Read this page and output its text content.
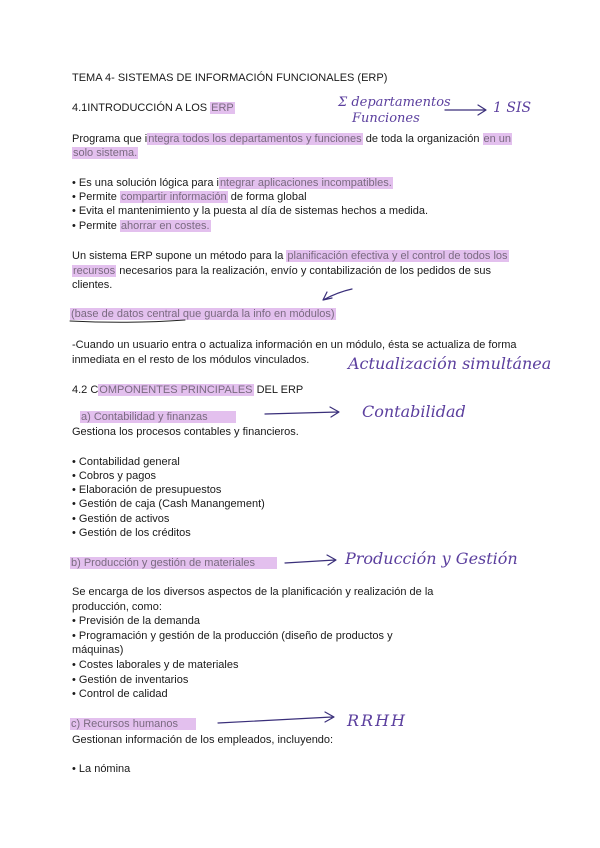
TEMA 4- SISTEMAS DE INFORMACIÓN FUNCIONALES (ERP)
4.1INTRODUCCIÓN A LOS ERP
Programa que integra todos los departamentos y funciones de toda la organización en un
solo sistema.
• Es una solución lógica para integrar aplicaciones incompatibles.
• Permite compartir información de forma global
• Evita el mantenimiento y la puesta al día de sistemas hechos a medida.
• Permite ahorrar en costes.
Un sistema ERP supone un método para la planificación efectiva y el control de todos los
recursos necesarios para la realización, envío y contabilización de los pedidos de sus
clientes.
(base de datos central que guarda la info en módulos)
-Cuando un usuario entra o actualiza información en un módulo, ésta se actualiza de forma
inmediata en el resto de los módulos vinculados.
4.2 COMPONENTES PRINCIPALES DEL ERP
a) Contabilidad y finanzas
Gestiona los procesos contables y financieros.
• Contabilidad general
• Cobros y pagos
• Elaboración de presupuestos
• Gestión de caja (Cash Manangement)
• Gestión de activos
• Gestión de los créditos
b) Producción y gestión de materiales
Se encarga de los diversos aspectos de la planificación y realización de la
producción, como:
• Previsión de la demanda
• Programación y gestión de la producción (diseño de productos y
máquinas)
• Costes laborales y de materiales
• Gestión de inventarios
• Control de calidad
c) Recursos humanos
Gestionan información de los empleados, incluyendo:
• La nómina
Σ departamentos
Funciones
1 SIS
Actualización simultánea
Contabilidad
Producción y Gestión
RRHH
